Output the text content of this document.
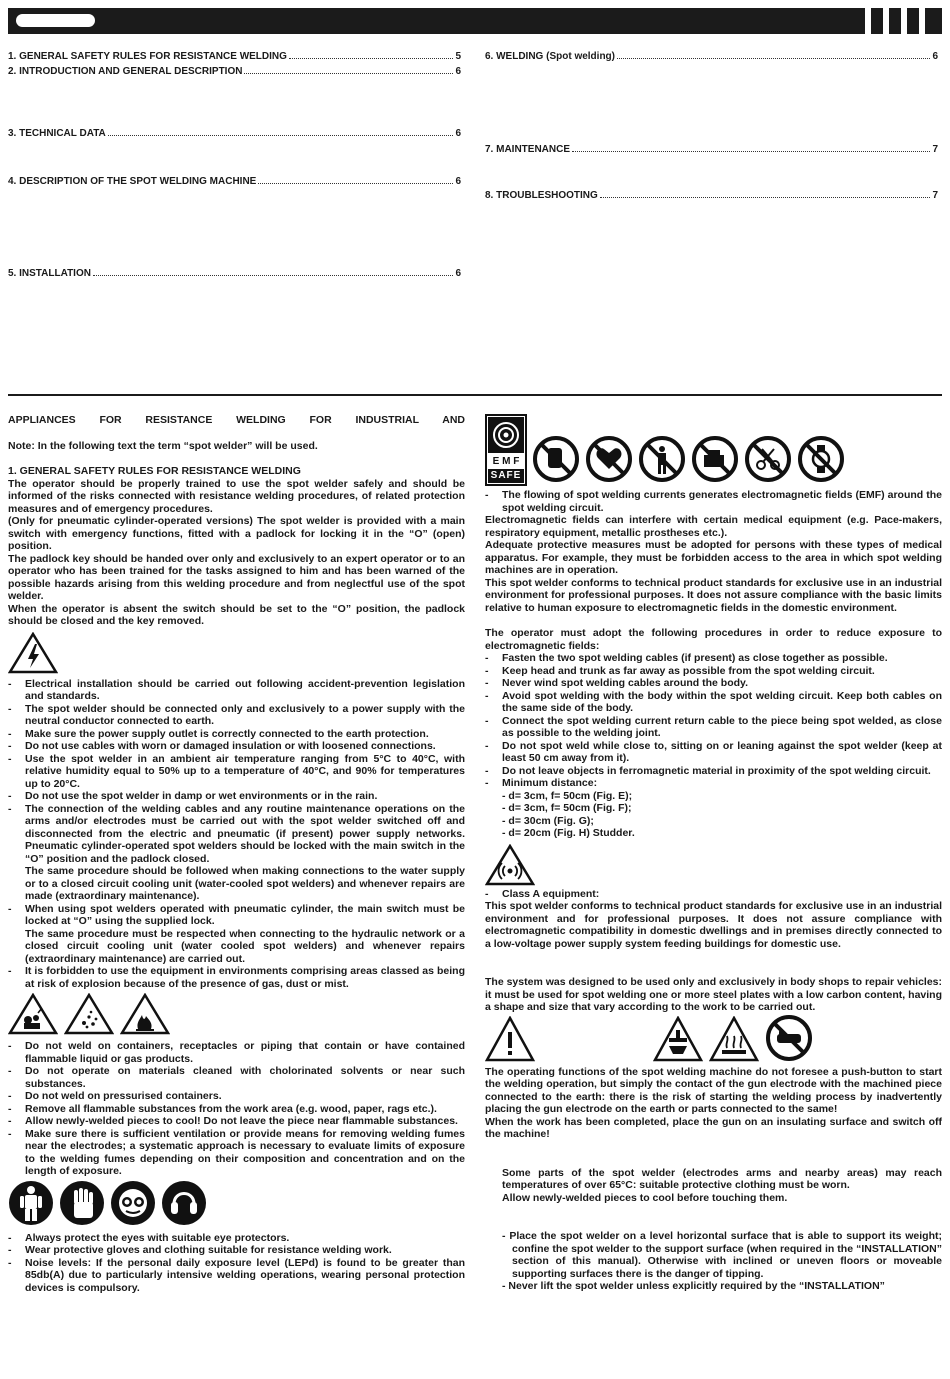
1. GENERAL SAFETY RULES FOR RESISTANCE WELDING	5
2. INTRODUCTION AND GENERAL DESCRIPTION	6
3. TECHNICAL DATA	6
4. DESCRIPTION OF THE SPOT WELDING MACHINE	6
5. INSTALLATION	6
6. WELDING (Spot welding)	6
7. MAINTENANCE	7
8. TROUBLESHOOTING	7

APPLIANCES FOR RESISTANCE WELDING FOR INDUSTRIAL AND

Note: In the following text the term “spot welder” will be used.

1. GENERAL SAFETY RULES FOR RESISTANCE WELDING

The operator should be properly trained to use the spot welder safely and should be informed of the risks connected with resistance welding procedures, of related protection measures and of emergency procedures.

(Only for pneumatic cylinder-operated versions) The spot welder is provided with a main switch with emergency functions, fitted with a padlock for locking it in the “O” (open) position.

The padlock key should be handed over only and exclusively to an expert operator or to an operator who has been trained for the tasks assigned to him and has been warned of the possible hazards arising from this welding procedure and from neglectful use of the spot welder.

When the operator is absent the switch should be set to the “O” position, the padlock should be closed and the key removed.

- Electrical installation should be carried out following accident-prevention legislation and standards.

- The spot welder should be connected only and exclusively to a power supply with the neutral conductor connected to earth.

- Make sure the power supply outlet is correctly connected to the earth protection.

- Do not use cables with worn or damaged insulation or with loosened connections.

- Use the spot welder in an ambient air temperature ranging from 5°C to 40°C, with relative humidity equal to 50% up to a temperature of 40°C, and 90% for temperatures up to 20°C.

- Do not use the spot welder in damp or wet environments or in the rain.

- The connection of the welding cables and any routine maintenance operations on the arms and/or electrodes must be carried out with the spot welder switched off and disconnected from the electric and pneumatic (if present) power supply networks. Pneumatic cylinder-operated spot welders should be locked with the main switch in the “O” position and the padlock closed.

The same procedure should be followed when making connections to the water supply or to a closed circuit cooling unit (water-cooled spot welders) and whenever repairs are made (extraordinary maintenance).

- When using spot welders operated with pneumatic cylinder, the main switch must be locked at “O” using the supplied lock.

The same procedure must be respected when connecting to the hydraulic network or a closed circuit cooling unit (water cooled spot welders) and whenever repairs (extraordinary maintenance) are carried out.

- It is forbidden to use the equipment in environments comprising areas classed as being at risk of explosion because of the presence of gas, dust or mist.

- Do not weld on containers, receptacles or piping that contain or have contained flammable liquid or gas products.

- Do not operate on materials cleaned with cholorinated solvents or near such substances.

- Do not weld on pressurised containers.

- Remove all flammable substances from the work area (e.g. wood, paper, rags etc.).

- Allow newly-welded pieces to cool! Do not leave the piece near flammable substances.

- Make sure there is sufficient ventilation or provide means for removing welding fumes near the electrodes; a systematic approach is necessary to evaluate limits of exposure to the welding fumes depending on their composition and concentration and on the length of exposure.

- Always protect the eyes with suitable eye protectors.

- Wear protective gloves and clothing suitable for resistance welding work.

- Noise levels: If the personal daily exposure level (LEPd) is found to be greater than 85db(A) due to particularly intensive welding operations, wearing personal protection devices is compulsory.

E M F
SAFE

- The flowing of spot welding currents generates electromagnetic fields (EMF) around the spot welding circuit.

Electromagnetic fields can interfere with certain medical equipment (e.g. Pace-makers, respiratory equipment, metallic prostheses etc.).

Adequate protective measures must be adopted for persons with these types of medical apparatus. For example, they must be forbidden access to the area in which spot welding machines are in operation.

This spot welder conforms to technical product standards for exclusive use in an industrial environment for professional purposes. It does not assure compliance with the basic limits relative to human exposure to electromagnetic fields in the domestic environment.

The operator must adopt the following procedures in order to reduce exposure to electromagnetic fields:

- Fasten the two spot welding cables (if present) as close together as possible.

- Keep head and trunk as far away as possible from the spot welding circuit.

- Never wind spot welding cables around the body.

- Avoid spot welding with the body within the spot welding circuit. Keep both cables on the same side of the body.

- Connect the spot welding current return cable to the piece being spot welded, as close as possible to the welding joint.

- Do not spot weld while close to, sitting on or leaning against the spot welder (keep at least 50 cm away from it).

- Do not leave objects in ferromagnetic material in proximity of the spot welding circuit.

- Minimum distance:

- d= 3cm, f= 50cm (Fig. E);

- d= 3cm, f= 50cm (Fig. F);

- d= 30cm (Fig. G);

- d= 20cm (Fig. H) Studder.

- Class A equipment:

This spot welder conforms to technical product standards for exclusive use in an industrial environment and for professional purposes. It does not assure compliance with electromagnetic compatibility in domestic dwellings and in premises directly connected to a low-voltage power supply system feeding buildings for domestic use.

The system was designed to be used only and exclusively in body shops to repair vehicles: it must be used for spot welding one or more steel plates with a low carbon content, having a shape and size that vary according to the work to be carried out.

The operating functions of the spot welding machine do not foresee a push-button to start the welding operation, but simply the contact of the gun electrode with the machined piece connected to the earth: there is the risk of starting the welding process by inadvertently placing the gun electrode on the earth or parts connected to the same!

When the work has been completed, place the gun on an insulating surface and switch off the machine!

Some parts of the spot welder (electrodes arms and nearby areas) may reach temperatures of over 65°C: suitable protective clothing must be worn.

Allow newly-welded pieces to cool before touching them.

- Place the spot welder on a level horizontal surface that is able to support its weight; confine the spot welder to the support surface (when required in the “INSTALLATION” section of this manual). Otherwise with inclined or uneven floors or moveable supporting surfaces there is the danger of tipping.

- Never lift the spot welder unless explicitly required by the “INSTALLATION”
